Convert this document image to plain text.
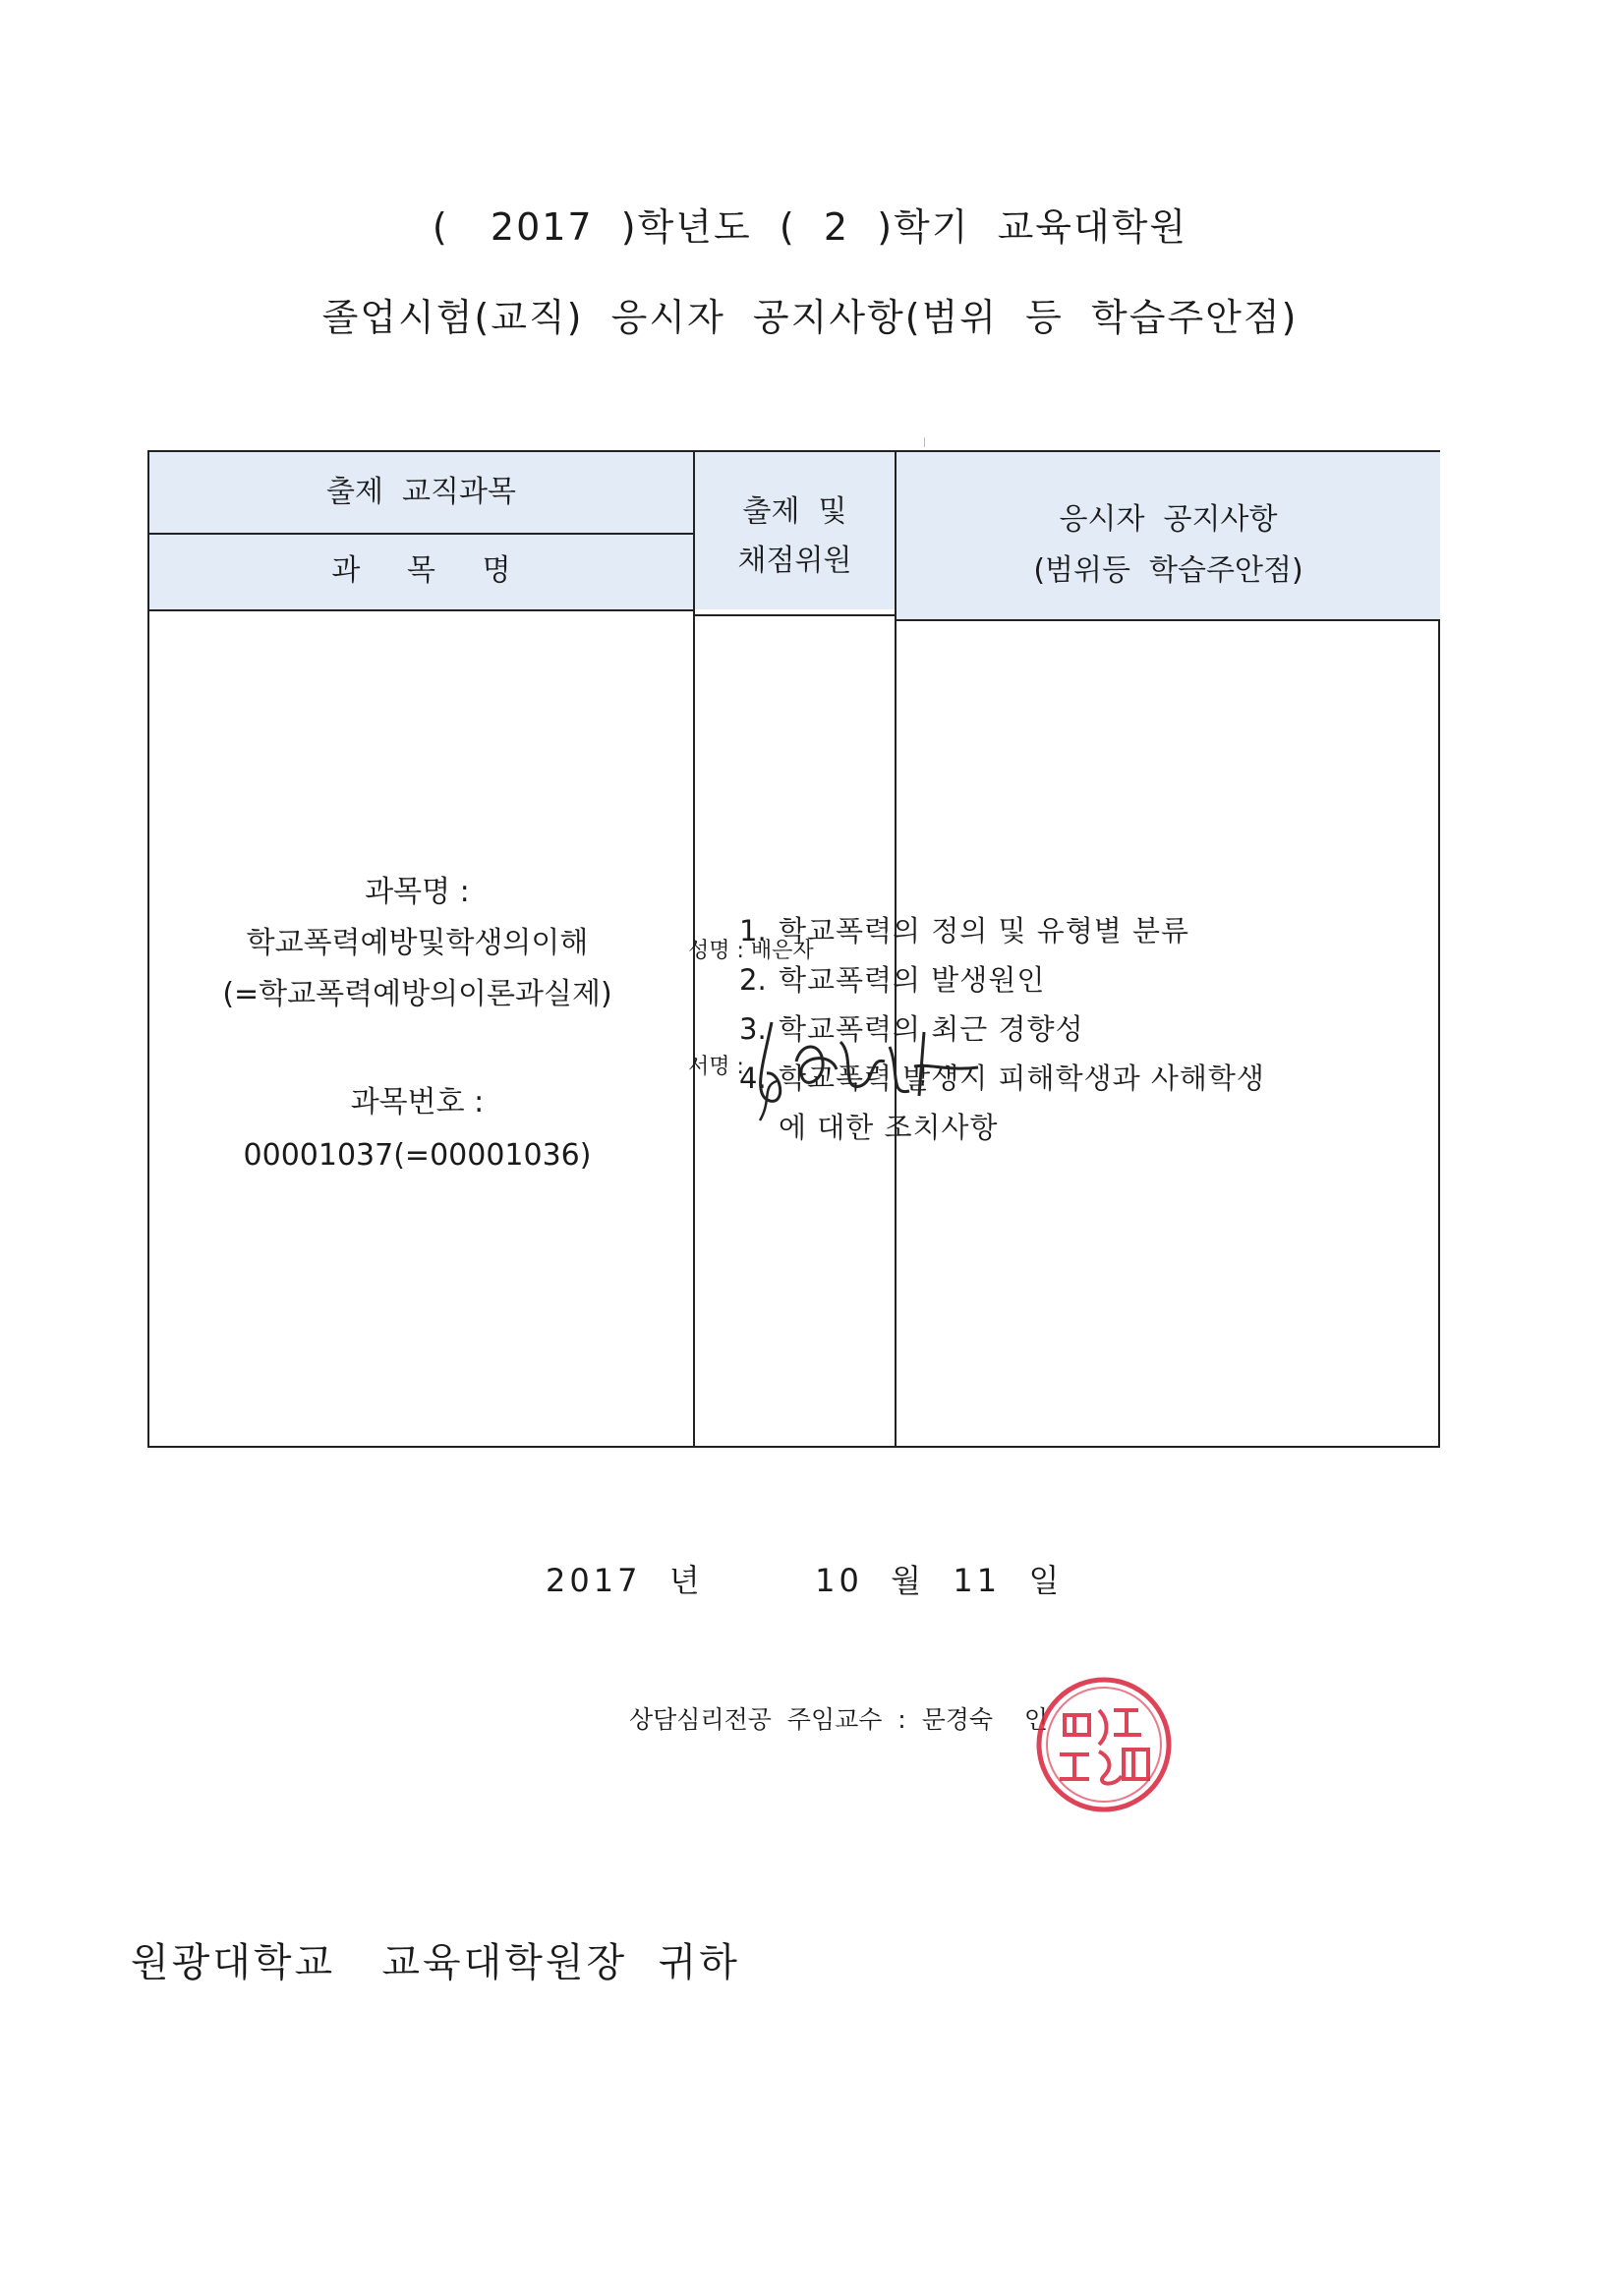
(   2017  )학년도  (  2  )학기  교육대학원
졸업시험(교직)  응시자  공지사항(범위  등  학습주안점)
출제  교직과목
과     목     명
출제  및
채점위원
응시자  공지사항
(범위등  학습주안점)
과목명 :
학교폭력예방및학생의이해
(=학교폭력예방의이론과실제)
과목번호 :
00001037(=00001036)
성명 : 배은자
서명 :
1. 학교폭력의 정의 및 유형별 분류
2. 학교폭력의 발생원인
3. 학교폭력의 최근 경향성
4. 학교폭력 발생시 피해학생과 사해학생에 대한 조치사항
2017 년	10 월 11 일
상담심리전공  주임교수  :  문경숙    인
원광대학교   교육대학원장  귀하
